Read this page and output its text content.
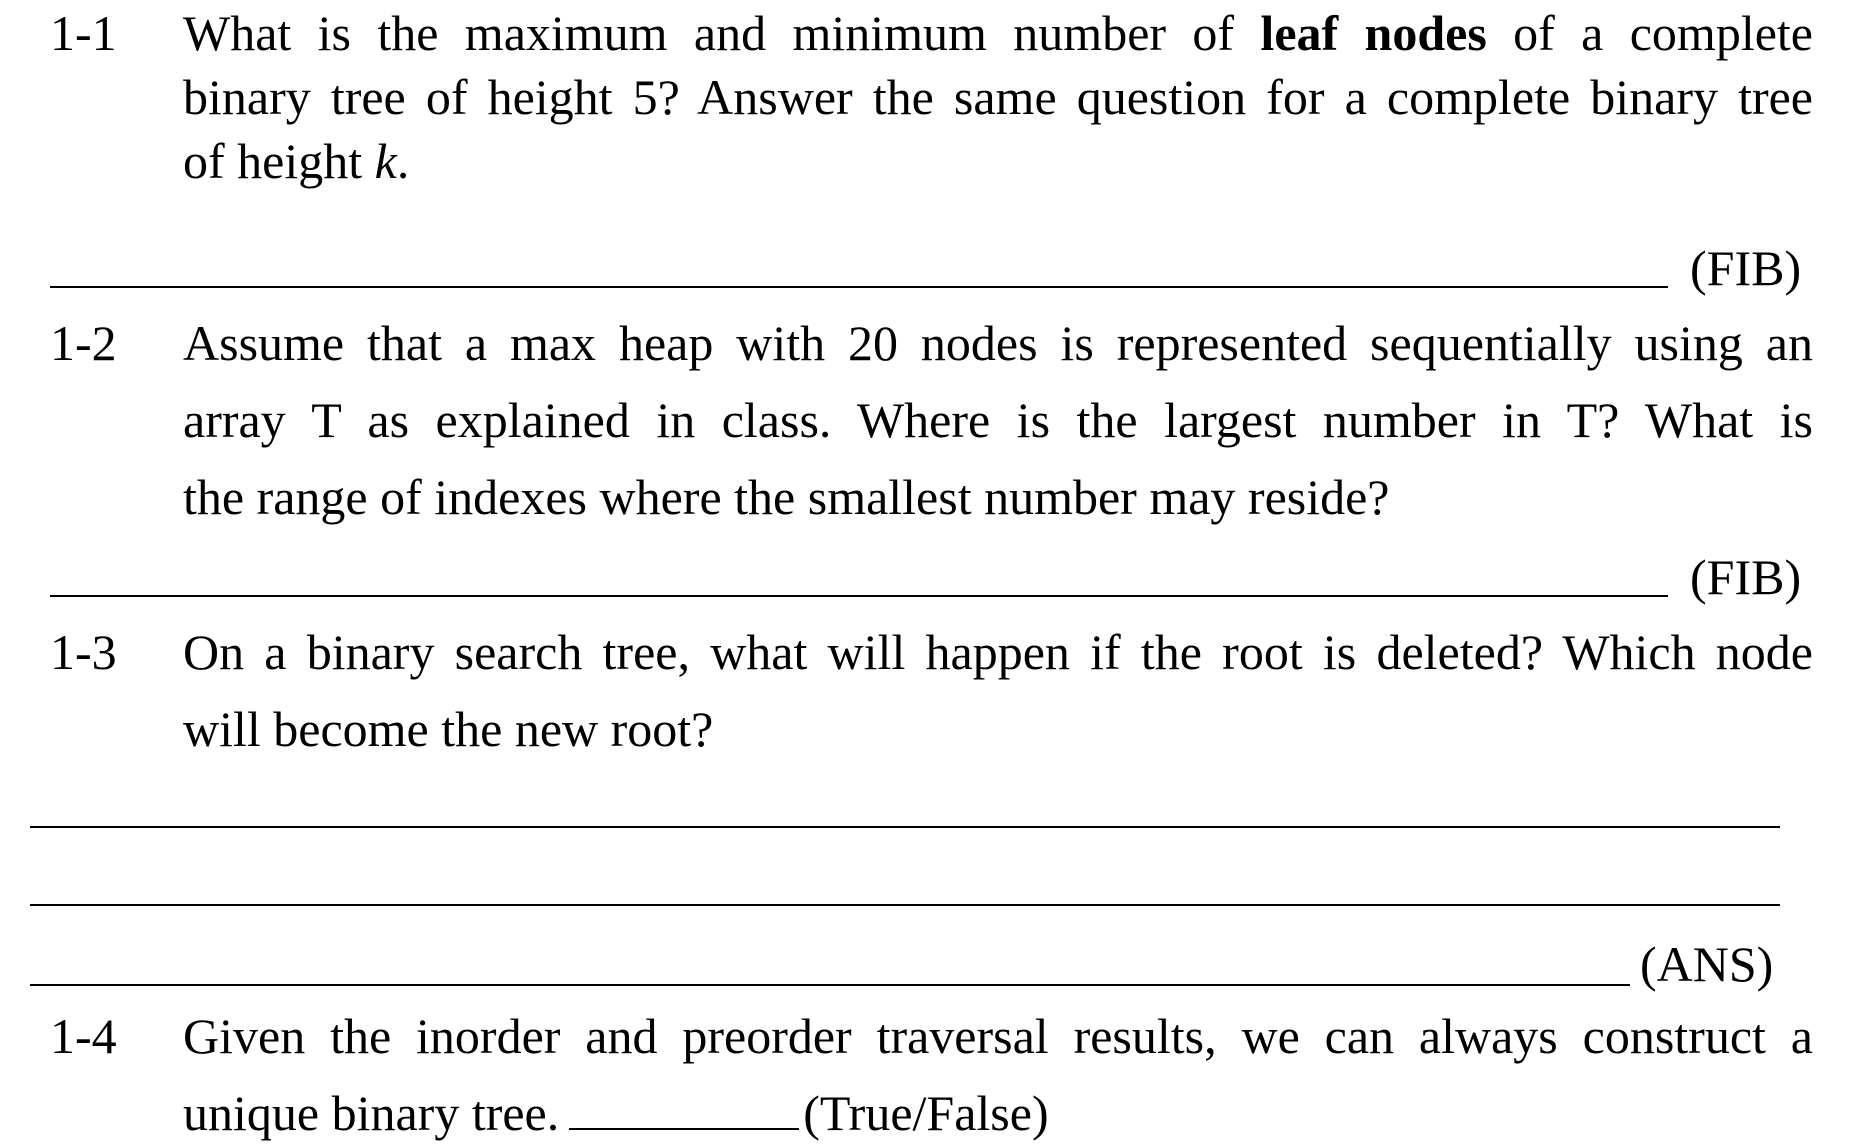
1-1 What is the maximum and minimum number of leaf nodes of a complete
binary tree of height 5? Answer the same question for a complete binary tree
of height k.
(FIB)
1-2 Assume that a max heap with 20 nodes is represented sequentially using an
array T as explained in class. Where is the largest number in T? What is
the range of indexes where the smallest number may reside?
(FIB)
1-3 On a binary search tree, what will happen if the root is deleted? Which node
will become the new root?
(ANS)
1-4 Given the inorder and preorder traversal results, we can always construct a
unique binary tree.	(True/False)
